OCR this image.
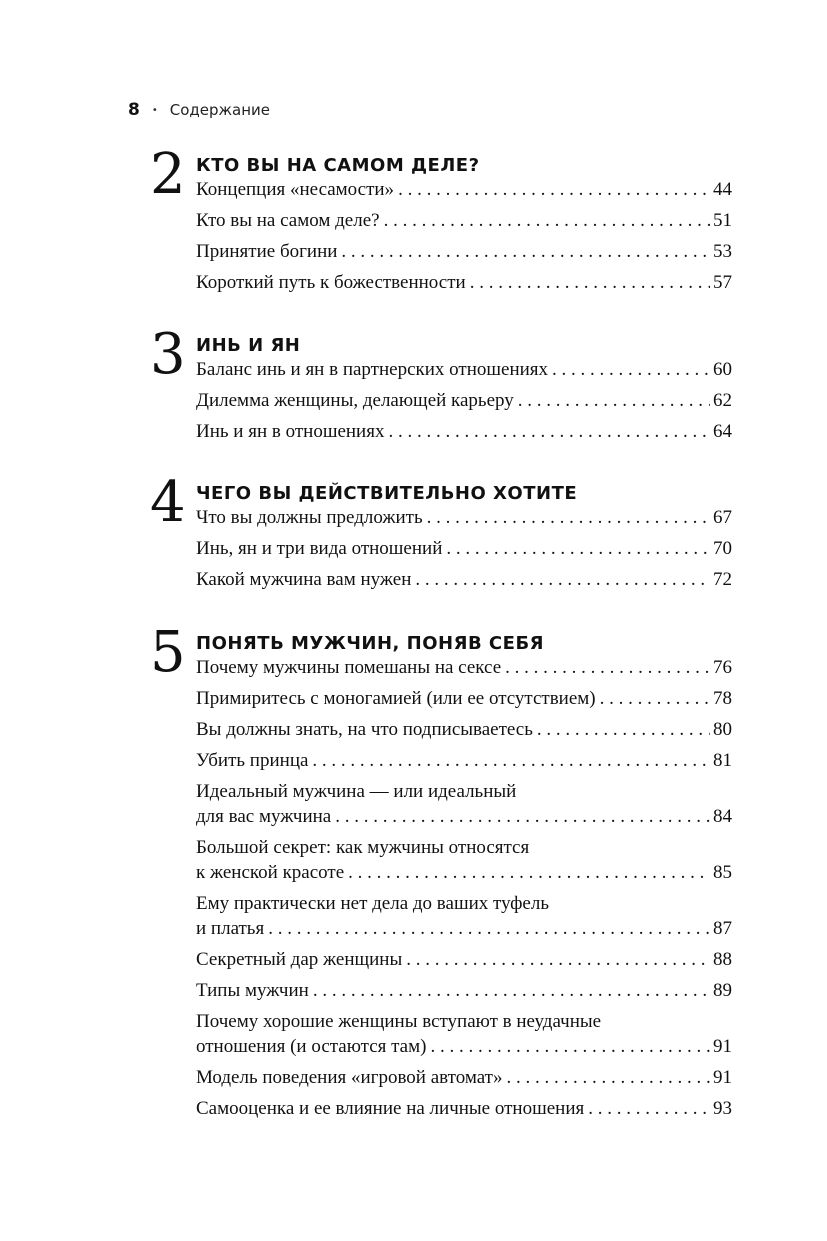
8 • Содержание
2 КТО ВЫ НА САМОМ ДЕЛЕ?
Концепция «несамости» . . .	44
Кто вы на самом деле? . . .	51
Принятие богини . . .	53
Короткий путь к божественности . . .	57
3 ИНЬ И ЯН
Баланс инь и ян в партнерских отношениях . . .	60
Дилемма женщины, делающей карьеру . . .	62
Инь и ян в отношениях . . .	64
4 ЧЕГО ВЫ ДЕЙСТВИТЕЛЬНО ХОТИТЕ
Что вы должны предложить . . .	67
Инь, ян и три вида отношений . . .	70
Какой мужчина вам нужен . . .	72
5 ПОНЯТЬ МУЖЧИН, ПОНЯВ СЕБЯ
Почему мужчины помешаны на сексе . . .	76
Примиритесь с моногамией (или ее отсутствием) . . .	78
Вы должны знать, на что подписываетесь . . .	80
Убить принца . . .	81
Идеальный мужчина — или идеальный
для вас мужчина . . .	84
Большой секрет: как мужчины относятся
к женской красоте . . .	85
Ему практически нет дела до ваших туфель
и платья . . .	87
Секретный дар женщины . . .	88
Типы мужчин . . .	89
Почему хорошие женщины вступают в неудачные
отношения (и остаются там) . . .	91
Модель поведения «игровой автомат» . . .	91
Самооценка и ее влияние на личные отношения . . .	93
